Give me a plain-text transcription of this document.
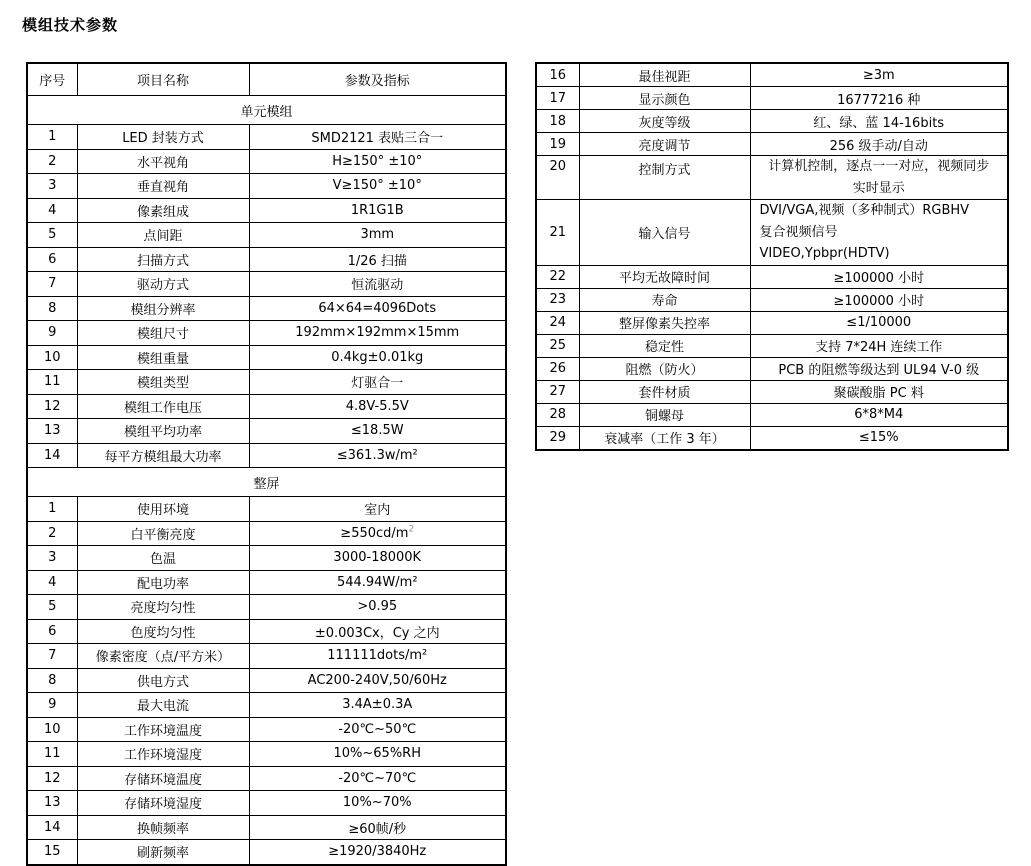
模组技术参数
序号	项目名称	参数及指标
单元模组		
1	LED 封装方式	SMD2121 表贴三合一
2	水平视角	H≥150° ±10°
3	垂直视角	V≥150° ±10°
4	像素组成	1R1G1B
5	点间距	3mm
6	扫描方式	1/26 扫描
7	驱动方式	恒流驱动
8	模组分辨率	64×64=4096Dots
9	模组尺寸	192mm×192mm×15mm
10	模组重量	0.4kg±0.01kg
11	模组类型	灯驱合一
12	模组工作电压	4.8V-5.5V
13	模组平均功率	≤18.5W
14	每平方模组最大功率	≤361.3w/m²
整屏		
1	使用环境	室内
2	白平衡亮度	$\ge 550cd/m^2$
3	色温	3000-18000K
4	配电功率	544.94W/m²
5	亮度均匀性	>0.95
6	色度均匀性	±0.003Cx，Cy 之内
7	像素密度（点/平方米）	111111dots/m²
8	供电方式	AC200-240V,50/60Hz
9	最大电流	3.4A±0.3A
10	工作环境温度	-20℃~50℃
11	工作环境湿度	10%~65%RH
12	存储环境温度	-20℃~70℃
13	存储环境湿度	10%~70%
14	换帧频率	≥60帧/秒
15	刷新频率	≥1920/3840Hz
16	最佳视距	≥3m
17	显示颜色	16777216 种
18	灰度等级	红、绿、蓝 14-16bits
19	亮度调节	256 级手动/自动
20	控制方式	计算机控制，逐点一一对应，视频同步
实时显示

21	输入信号	DVI/VGA,视频（多种制式）RGBHV
复合视频信号
VIDEO,Ypbpr(HDTV)

22	平均无故障时间	≥100000 小时
23	寿命	≥100000 小时
24	整屏像素失控率	≤1/10000
25	稳定性	支持 7*24H 连续工作
26	阻燃（防火）	PCB 的阻燃等级达到 UL94 V-0 级
27	套件材质	聚碳酸脂 PC 料
28	铜螺母	6*8*M4
29	衰减率（工作 3 年）	≤15%
